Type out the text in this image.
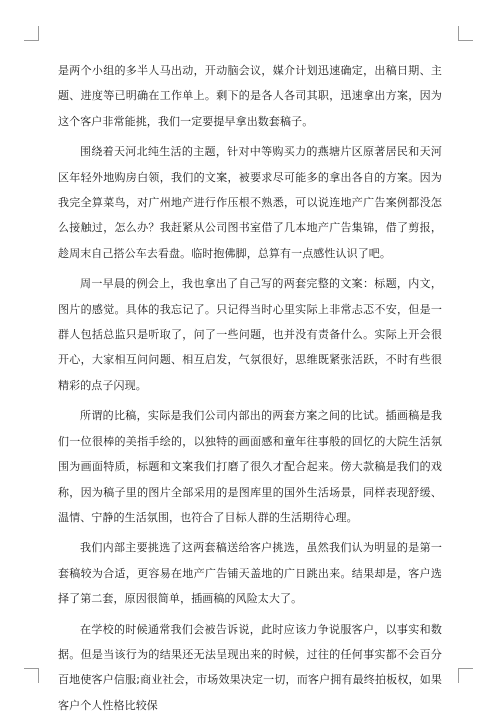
是两个小组的多半人马出动，开动脑会议，媒介计划迅速确定，出稿日期、主题、进度等已明确在工作单上。剩下的是各人各司其职，迅速拿出方案，因为这个客户非常能挑，我们一定要提早拿出数套稿子。

围绕着天河北纯生活的主题，针对中等购买力的燕塘片区原著居民和天河区年轻外地购房白领，我们的文案，被要求尽可能多的拿出各自的方案。因为我完全算菜鸟，对广州地产进行作压根不熟悉，可以说连地产广告案例都没怎么接触过，怎么办？我赶紧从公司图书室借了几本地产广告集锦，借了剪报，趁周末自己搭公车去看盘。临时抱佛脚，总算有一点感性认识了吧。

周一早晨的例会上，我也拿出了自己写的两套完整的文案：标题，内文，图片的感觉。具体的我忘记了。只记得当时心里实际上非常忐忑不安，但是一群人包括总监只是听取了，问了一些问题，也并没有责备什么。实际上开会很开心，大家相互问问题、相互启发，气氛很好，思维既紧张活跃，不时有些很精彩的点子闪现。

所谓的比稿，实际是我们公司内部出的两套方案之间的比试。插画稿是我们一位很棒的美指手绘的，以独特的画面感和童年往事般的回忆的大院生活氛围为画面特质，标题和文案我们打磨了很久才配合起来。傍大款稿是我们的戏称，因为稿子里的图片全部采用的是图库里的国外生活场景，同样表现舒缓、温情、宁静的生活氛围，也符合了目标人群的生活期待心理。

我们内部主要挑选了这两套稿送给客户挑选，虽然我们认为明显的是第一套稿较为合适，更容易在地产广告铺天盖地的广日跳出来。结果却是，客户选择了第二套，原因很简单，插画稿的风险太大了。

在学校的时候通常我们会被告诉说，此时应该力争说服客户，以事实和数据。但是当该行为的结果还无法呈现出来的时候，过往的任何事实都不会百分百地使客户信服;商业社会，市场效果决定一切，而客户拥有最终拍板权，如果客户个人性格比较保
